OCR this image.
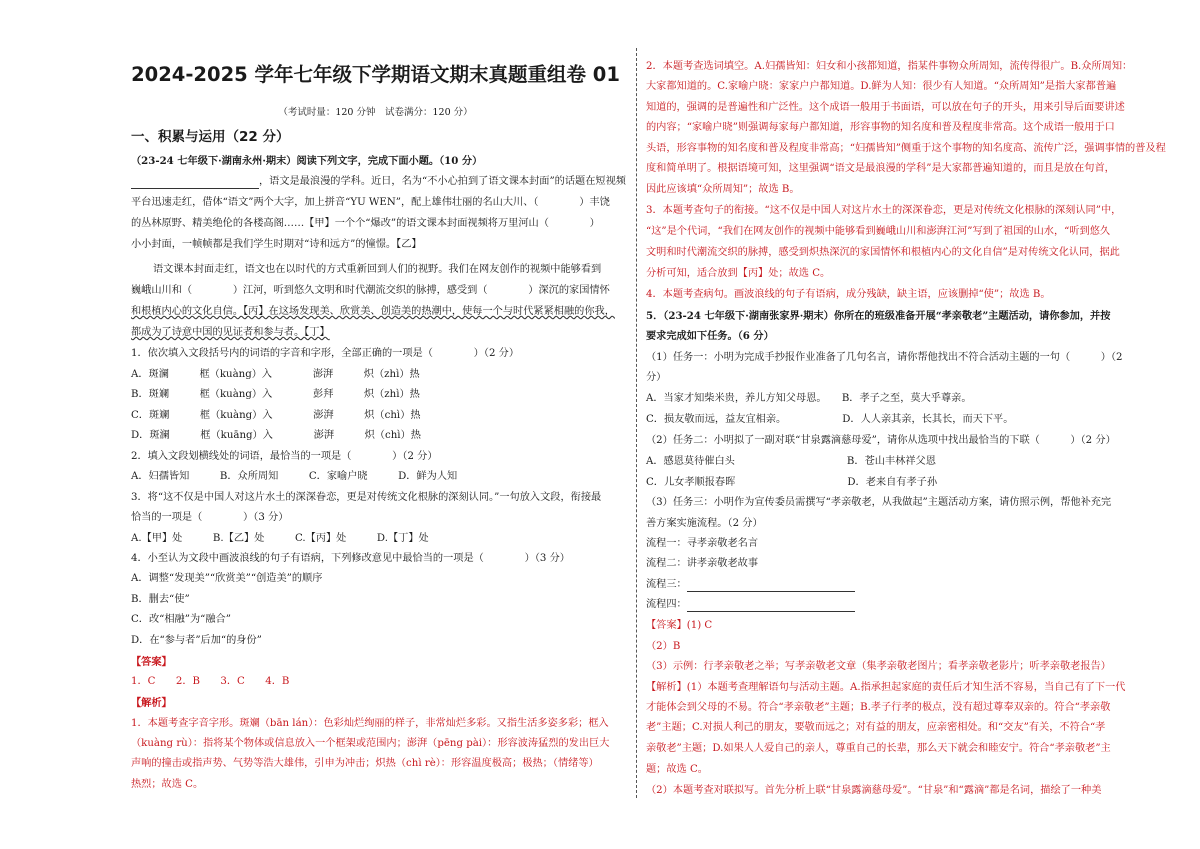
2024-2025 学年七年级下学期语文期末真题重组卷 01
（考试时量：120 分钟　试卷满分：120 分）
一、积累与运用（22 分）
（23-24 七年级下·湖南永州·期末）阅读下列文字，完成下面小题。（10 分）
，语文是最浪漫的学科。近日，名为“不小心拍到了语文课本封面”的话题在短视频
平台迅速走红，借体“语文”两个大字，加上拼音“YU WEN”，配上雄伟壮丽的名山大川、（　　　　）丰饶
的丛林原野、精美绝伦的各楼高阁……【甲】一个个“爆改”的语文课本封面视频将万里河山（　　　　）
小小封面，一帧帧都是我们学生时期对“诗和远方”的憧憬。【乙】
语文课本封面走红，语文也在以时代的方式重新回到人们的视野。我们在网友创作的视频中能够看到
巍峨山川和（　　　　）江河，听到悠久文明和时代潮流交织的脉搏，感受到（　　　　）深沉的家国情怀
和根植内心的文化自信。【丙】在这场发现美、欣赏美、创造美的热潮中，使每一个与时代紧紧相融的你我，
都成为了诗意中国的见证者和参与者。【丁】
1．依次填入文段括号内的词语的字音和字形，全部正确的一项是（　　　　）（2 分）
A．斑澜　　　框（kuàng）入　　　　澎湃　　　炽（zhì）热
B．斑斓　　　框（kuàng）入　　　　彭拜　　　炽（zhì）热
C．斑斓　　　框（kuàng）入　　　　澎湃　　　炽（chì）热
D．斑澜　　　框（kuāng）入　　　　澎湃　　　炽（chì）热
2．填入文段划横线处的词语，最恰当的一项是（　　　　）（2 分）
A．妇孺皆知　　　B．众所周知　　　C．家喻户晓　　　D．鲜为人知
3．将“这不仅是中国人对这片水土的深深眷恋，更是对传统文化根脉的深刻认同。”一句放入文段，衔接最
恰当的一项是（　　　　）（3 分）
A.【甲】处　　　B.【乙】处　　　C.【丙】处　　　D.【丁】处
4．小至认为文段中画波浪线的句子有语病，下列修改意见中最恰当的一项是（　　　　）（3 分）
A．调整“发现美”“欣赏美”“创造美”的顺序
B．删去“使”
C．改“相融”为“融合”
D．在“参与者”后加“的身份”
【答案】
1．C　　2．B　　3．C　　4．B
【解析】
1．本题考查字音字形。斑斓（bān lán）：色彩灿烂绚丽的样子，非常灿烂多彩。又指生活多姿多彩；框入
（kuàng rù）：指将某个物体或信息放入一个框架或范围内；澎湃（pēng pài）：形容波涛猛烈的发出巨大
声响的撞击或指声势、气势等浩大雄伟，引申为冲击；炽热（chì rè）：形容温度极高；极热；（情绪等）
热烈；故选 C。
2．本题考查选词填空。A.妇孺皆知：妇女和小孩都知道，指某件事物众所周知，流传得很广。B.众所周知：
大家都知道的。C.家喻户晓：家家户户都知道。D.鲜为人知：很少有人知道。“众所周知”是指大家都普遍
知道的，强调的是普遍性和广泛性。这个成语一般用于书面语，可以放在句子的开头，用来引导后面要讲述
的内容；“家喻户晓”则强调每家每户都知道，形容事物的知名度和普及程度非常高。这个成语一般用于口
头语，形容事物的知名度和普及程度非常高；“妇孺皆知”侧重于这个事物的知名度高、流传广泛，强调事情的普及程
度和简单明了。根据语境可知，这里强调“语文是最浪漫的学科”是大家都普遍知道的，而且是放在句首，
因此应该填“众所周知”；故选 B。
3．本题考查句子的衔接。“这不仅是中国人对这片水土的深深眷恋，更是对传统文化根脉的深刻认同”中，
“这”是个代词，“我们在网友创作的视频中能够看到巍峨山川和澎湃江河”写到了祖国的山水，“听到悠久
文明和时代潮流交织的脉搏，感受到炽热深沉的家国情怀和根植内心的文化自信”是对传统文化认同，据此
分析可知，适合放到【丙】处；故选 C。
4．本题考查病句。画波浪线的句子有语病，成分残缺，缺主语，应该删掉“使”；故选 B。
5．（23-24 七年级下·湖南张家界·期末）你所在的班级准备开展“孝亲敬老”主题活动，请你参加，并按
要求完成如下任务。（6 分）
（1）任务一：小明为完成手抄报作业准备了几句名言，请你帮他找出不符合活动主题的一句（　　　）（2
分）
A．当家才知柴米贵，养儿方知父母恩。　　B．孝子之至，莫大乎尊亲。
C．损友敬而远，益友宜相亲。　　　　　　D．人人亲其亲，长其长，而天下平。
（2）任务二：小明拟了一副对联“甘泉露滴慈母爱”，请你从选项中找出最恰当的下联（　　　）（2 分）
A．感恩莫待催白头　　　　　　　　　　　B．苍山丰林祥父恩
C．儿女孝顺报春晖　　　　　　　　　　　D．老来自有孝子孙
（3）任务三：小明作为宣传委员需撰写“孝亲敬老，从我做起”主题活动方案，请仿照示例，帮他补充完
善方案实施流程。（2 分）
流程一：寻孝亲敬老名言
流程二：讲孝亲敬老故事
流程三：
流程四：
【答案】(1) C
（2）B
（3）示例：行孝亲敬老之举；写孝亲敬老文章（集孝亲敬老图片；看孝亲敬老影片；听孝亲敬老报告）
【解析】(1）本题考查理解语句与活动主题。A.指承担起家庭的责任后才知生活不容易，当自己有了下一代
才能体会到父母的不易。符合“孝亲敬老”主题；B.孝子行孝的极点，没有超过尊奉双亲的。符合“孝亲敬
老”主题；C.对损人利己的朋友，要敬而远之；对有益的朋友，应亲密相处。和“交友”有关，不符合“孝
亲敬老”主题；D.如果人人爱自己的亲人，尊重自己的长辈，那么天下就会和睦安宁。符合“孝亲敬老”主
题；故选 C。
（2）本题考查对联拟写。首先分析上联“甘泉露滴慈母爱”。“甘泉”和“露滴”都是名词，描绘了一种美
